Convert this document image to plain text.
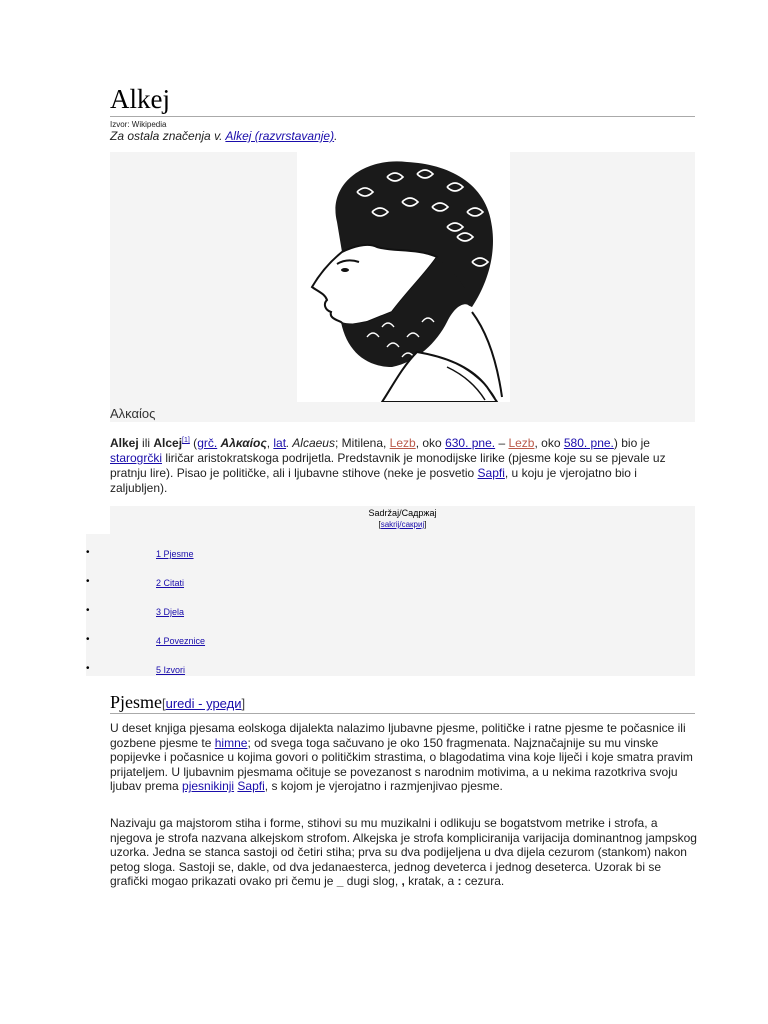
Alkej
Izvor: Wikipedia
Za ostala značenja v. Alkej (razvrstavanje).
Αλκαίος
Alkej ili Alcej[1] (grč. Αλκαίος, lat. Alcaeus; Mitilena, Lezb, oko 630. pne. – Lezb, oko 580. pne.) bio je starogrčki liričar aristokratskoga podrijetla. Predstavnik je monodijske lirike (pjesme koje su se pjevale uz pratnju lire). Pisao je političke, ali i ljubavne stihove (neke je posvetio Sapfi, u koju je vjerojatno bio i zaljubljen).
Sadržaj/Садржај
[sakrij/сакриј]
•	1 Pjesme
•	2 Citati
•	3 Djela
•	4 Poveznice
•	5 Izvori
Pjesme[uredi - уреди]

U deset knjiga pjesama eolskoga dijalekta nalazimo ljubavne pjesme, političke i ratne pjesme te počasnice ili gozbene pjesme te himne; od svega toga sačuvano je oko 150 fragmenata. Najznačajnije su mu vinske popijevke i počasnice u kojima govori o političkim strastima, o blagodatima vina koje liječi i koje smatra pravim prijateljem. U ljubavnim pjesmama očituje se povezanost s narodnim motivima, a u nekima razotkriva svoju ljubav prema pjesnikinji Sapfi, s kojom je vjerojatno i razmjenjivao pjesme.

Nazivaju ga majstorom stiha i forme, stihovi su mu muzikalni i odlikuju se bogatstvom metrike i strofa, a njegova je strofa nazvana alkejskom strofom. Alkejska je strofa kompliciranija varijacija dominantnog jampskog uzorka. Jedna se stanca sastoji od četiri stiha; prva su dva podijeljena u dva dijela cezurom (stankom) nakon petog sloga. Sastoji se, dakle, od dva jedanaesterca, jednog deveterca i jednog deseterca. Uzorak bi se grafički mogao prikazati ovako pri čemu je _ dugi slog, , kratak, a : cezura.
